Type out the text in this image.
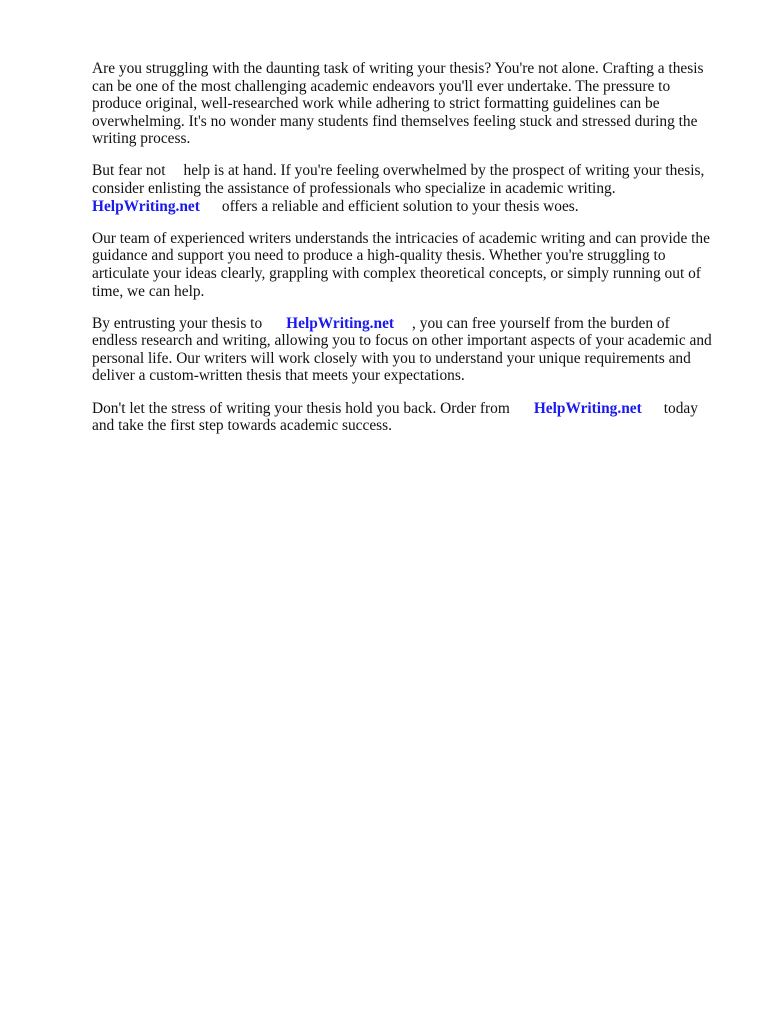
Are you struggling with the daunting task of writing your thesis? You're not alone. Crafting a thesis can be one of the most challenging academic endeavors you'll ever undertake. The pressure to produce original, well-researched work while adhering to strict formatting guidelines can be overwhelming. It's no wonder many students find themselves feeling stuck and stressed during the writing process.

But fear not help is at hand. If you're feeling overwhelmed by the prospect of writing your thesis, consider enlisting the assistance of professionals who specialize in academic writing.
HelpWriting.net offers a reliable and efficient solution to your thesis woes.

Our team of experienced writers understands the intricacies of academic writing and can provide the guidance and support you need to produce a high-quality thesis. Whether you're struggling to articulate your ideas clearly, grappling with complex theoretical concepts, or simply running out of time, we can help.

By entrusting your thesis to HelpWriting.net , you can free yourself from the burden of endless research and writing, allowing you to focus on other important aspects of your academic and personal life. Our writers will work closely with you to understand your unique requirements and deliver a custom-written thesis that meets your expectations.

Don't let the stress of writing your thesis hold you back. Order from HelpWriting.net today and take the first step towards academic success.
